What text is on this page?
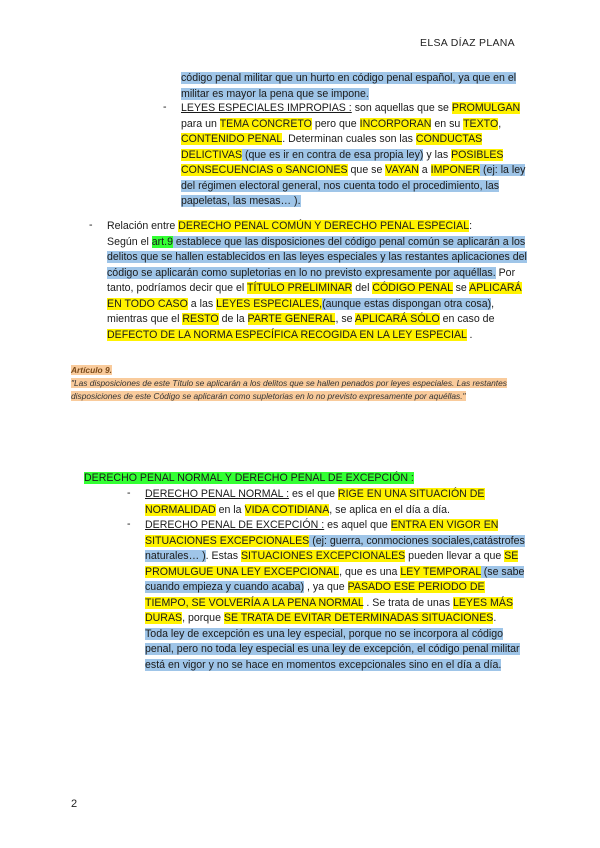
ELSA DÍAZ PLANA
código penal militar que un hurto en código penal español, ya que en el militar es mayor la pena que se impone.
- LEYES ESPECIALES IMPROPIAS : son aquellas que se PROMULGAN para un TEMA CONCRETO pero que INCORPORAN en su TEXTO, CONTENIDO PENAL. Determinan cuales son las CONDUCTAS DELICTIVAS (que es ir en contra de esa propia ley) y las POSIBLES CONSECUENCIAS o SANCIONES que se VAYAN a IMPONER (ej: la ley del régimen electoral general, nos cuenta todo el procedimiento, las papeletas, las mesas… ).
- Relación entre DERECHO PENAL COMÚN Y DERECHO PENAL ESPECIAL:
Según el art.9 establece que las disposiciones del código penal común se aplicarán a los delitos que se hallen establecidos en las leyes especiales y las restantes aplicaciones del código se aplicarán como supletorias en lo no previsto expresamente por aquéllas. Por tanto, podríamos decir que el TÍTULO PRELIMINAR del CÓDIGO PENAL se APLICARÁ EN TODO CASO a las LEYES ESPECIALES,(aunque estas dispongan otra cosa), mientras que el RESTO de la PARTE GENERAL, se APLICARÁ SÓLO en caso de DEFECTO DE LA NORMA ESPECÍFICA RECOGIDA EN LA LEY ESPECIAL .
Artículo 9.
"Las disposiciones de este Título se aplicarán a los delitos que se hallen penados por leyes especiales. Las restantes disposiciones de este Código se aplicarán como supletorias en lo no previsto expresamente por aquéllas."
DERECHO PENAL NORMAL Y DERECHO PENAL DE EXCEPCIÓN :
- DERECHO PENAL NORMAL : es el que RIGE EN UNA SITUACIÓN DE NORMALIDAD en la VIDA COTIDIANA, se aplica en el día a día.
- DERECHO PENAL DE EXCEPCIÓN : es aquel que ENTRA EN VIGOR EN SITUACIONES EXCEPCIONALES (ej: guerra, conmociones sociales,catástrofes naturales… ). Estas SITUACIONES EXCEPCIONALES pueden llevar a que SE PROMULGUE UNA LEY EXCEPCIONAL, que es una LEY TEMPORAL (se sabe cuando empieza y cuando acaba) , ya que PASADO ESE PERIODO DE TIEMPO, SE VOLVERÍA A LA PENA NORMAL . Se trata de unas LEYES MÁS DURAS, porque SE TRATA DE EVITAR DETERMINADAS SITUACIONES.
Toda ley de excepción es una ley especial, porque no se incorpora al código penal, pero no toda ley especial es una ley de excepción, el código penal militar está en vigor y no se hace en momentos excepcionales sino en el día a día.
2
